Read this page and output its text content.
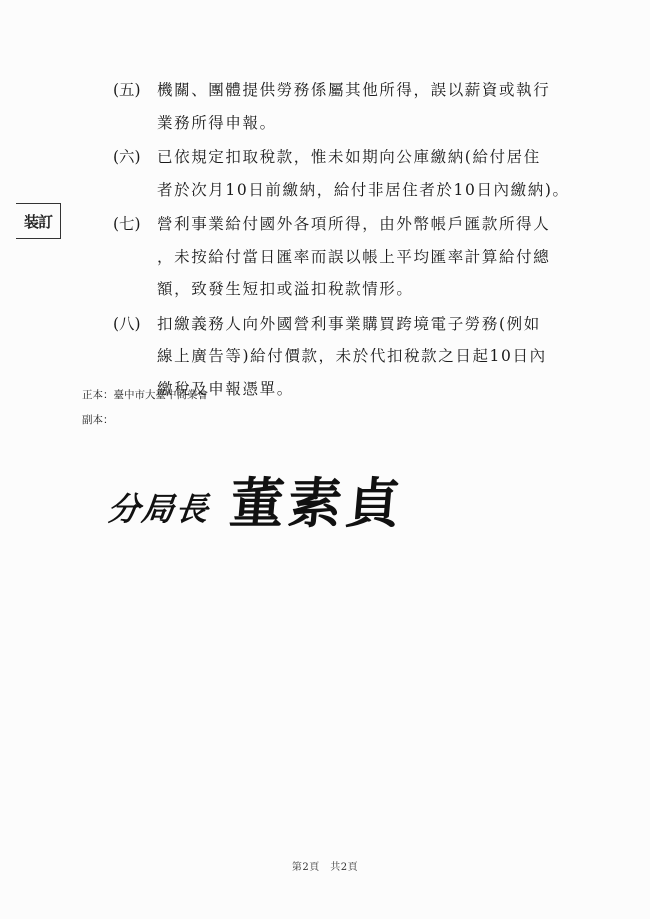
装訂
(五)	機關、團體提供勞務係屬其他所得，誤以薪資或執行
業務所得申報。
(六)	已依規定扣取稅款，惟未如期向公庫繳納(給付居住
者於次月10日前繳納，給付非居住者於10日內繳納)。
(七)	營利事業給付國外各項所得，由外幣帳戶匯款所得人
，未按給付當日匯率而誤以帳上平均匯率計算給付總
額，致發生短扣或溢扣稅款情形。
(八)	扣繳義務人向外國營利事業購買跨境電子勞務(例如
線上廣告等)給付價款，未於代扣稅款之日起10日內
繳稅及申報憑單。
正本：臺中市大臺中商業會
副本：
分局長 董素貞
第2頁　共2頁
